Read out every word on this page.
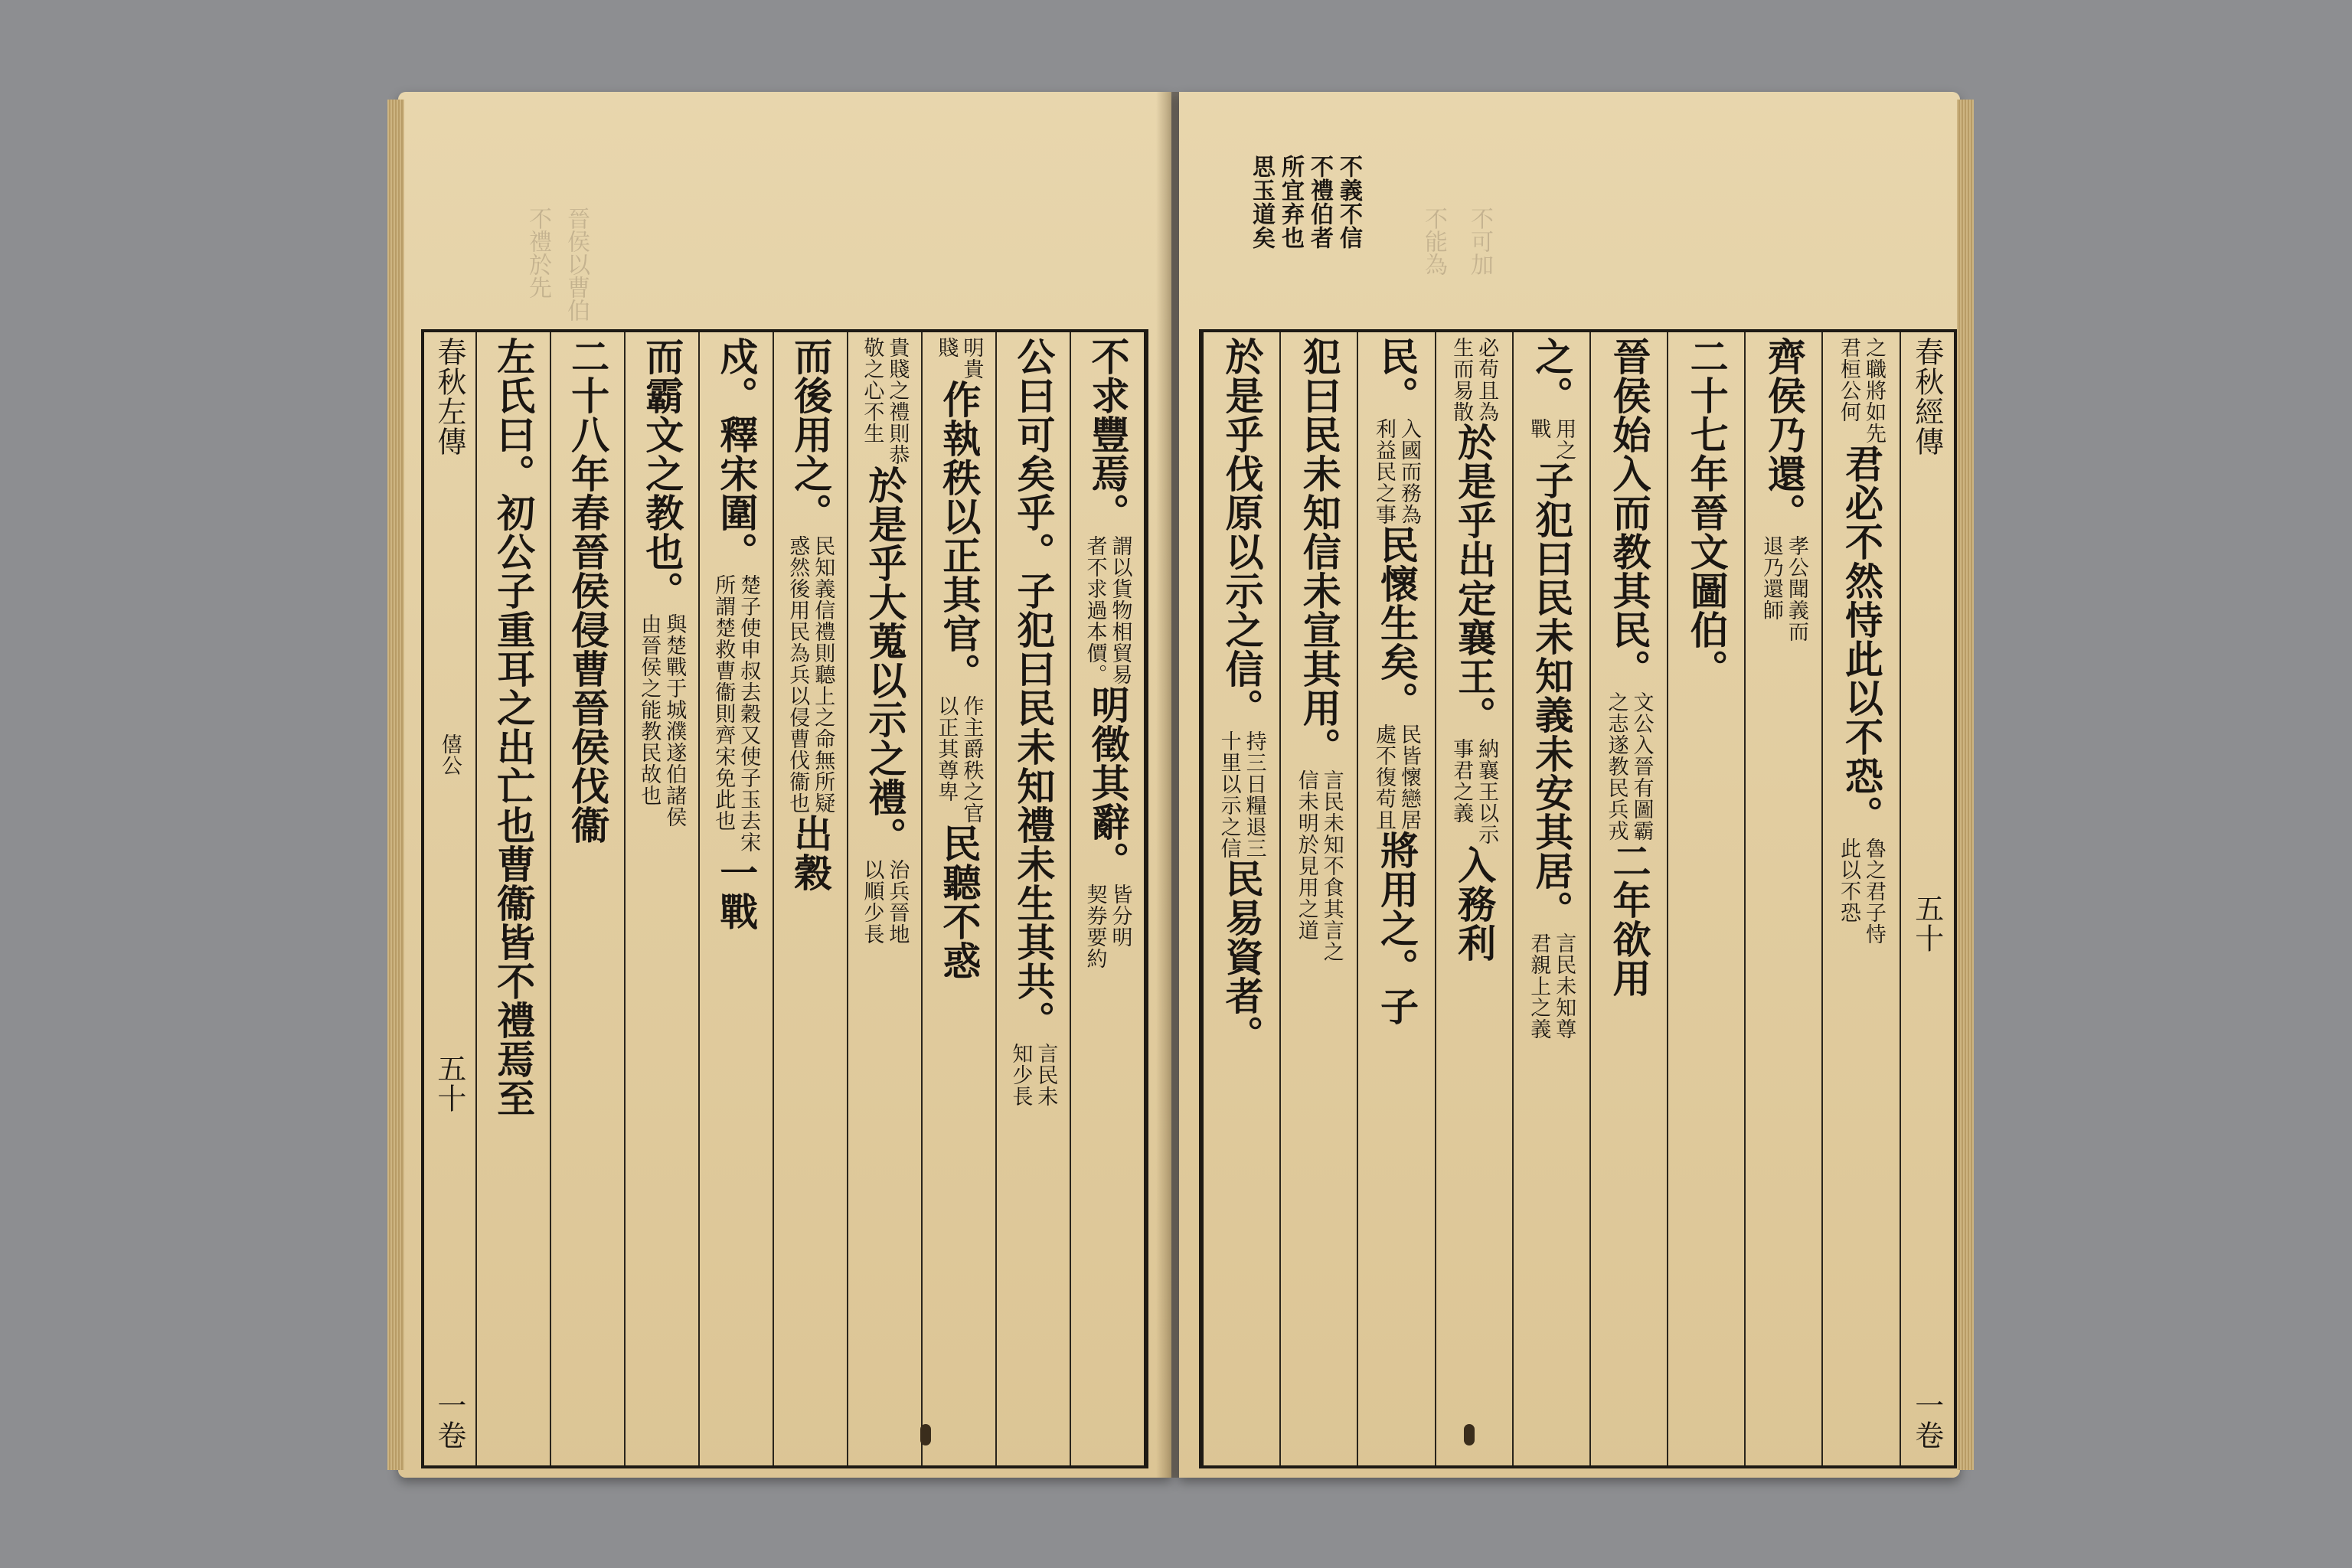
晉侯以曹伯
不禮於先
不求豐焉。
謂以貨物相貿易
者不求過本價。
明徵其辭。
皆分明
契券要約
公曰可矣乎。子犯曰民未知禮未生其共。
言民未
知少長
明貴
賤
作執秩以正其官。
作主爵秩之官
以正其尊卑
民聽不惑
貴賤之禮則恭
敬之心不生
於是乎大蒐以示之禮。
治兵晉地
以順少長
而後用之。
民知義信禮則聽上之命無所疑
惑然後用民為兵以侵曹伐衞也
出穀
戍。釋宋圍。
楚子使申叔去穀又使子玉去宋
所謂楚救曹衞則齊宋免此也
一戰
而霸文之教也。
與楚戰于城濮遂伯諸侯
由晉侯之能教民故也
二十八年春晉侯侵曹晉侯伐衞
左氏曰。初公子重耳之出亡也曹衞皆不禮焉至
春秋左傳
僖公
五十
一卷
不義不信
不禮伯者
所宜弃也
思玉道矣	不能為 不可加
春秋經傳
五十
一卷
之職將如先
君桓公何
君必不然恃此以不恐。
魯之君子恃
此以不恐
齊侯乃還。
孝公聞義而
退乃還師
二十七年晉文圖伯。
晉侯始入而教其民。
文公入晉有圖霸
之志遂教民兵戎
二年欲用
之。
用之
戰
子犯曰民未知義未安其居。
言民未知尊
君親上之義
必苟且為
生而易散
於是乎出定襄王。
納襄王以示
事君之義
入務利
民。
入國而務為
利益民之事
民懷生矣。
民皆懷戀居
處不復苟且
將用之。子
犯曰民未知信未宣其用。
言民未知不食其言之
信未明於見用之道
於是乎伐原以示之信。
持三日糧退三
十里以示之信
民易資者。
